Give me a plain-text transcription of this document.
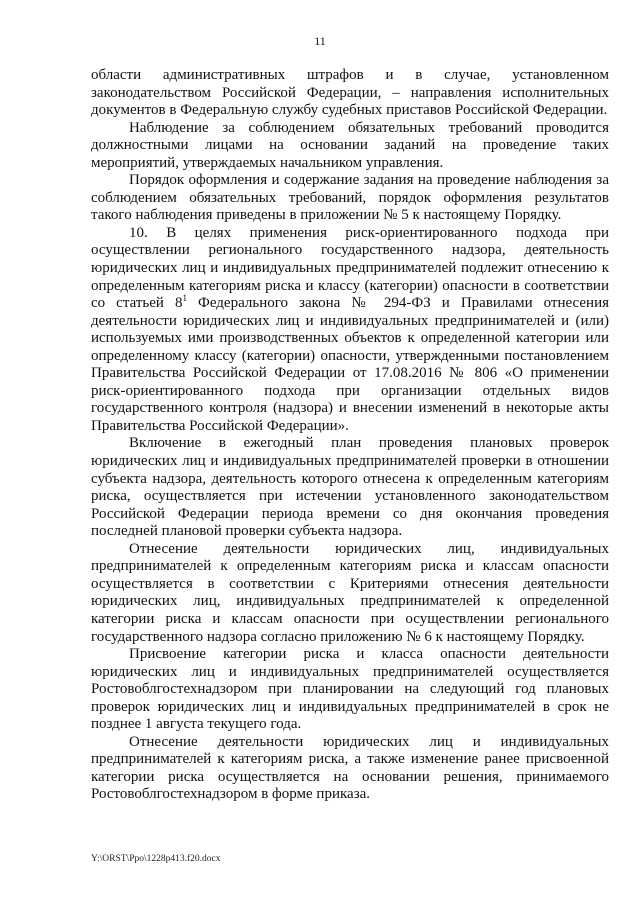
11

области административных штрафов и в случае, установленном законодательством Российской Федерации, – направления исполнительных документов в Федеральную службу судебных приставов Российской Федерации.

Наблюдение за соблюдением обязательных требований проводится должностными лицами на основании заданий на проведение таких мероприятий, утверждаемых начальником управления.

Порядок оформления и содержание задания на проведение наблюдения за соблюдением обязательных требований, порядок оформления результатов такого наблюдения приведены в приложении № 5 к настоящему Порядку.

10. В целях применения риск-ориентированного подхода при осуществлении регионального государственного надзора, деятельность юридических лиц и индивидуальных предпринимателей подлежит отнесению к определенным категориям риска и классу (категории) опасности в соответствии со статьей $8^1$ Федерального закона № 294-ФЗ и Правилами отнесения деятельности юридических лиц и индивидуальных предпринимателей и (или) используемых ими производственных объектов к определенной категории или определенному классу (категории) опасности, утвержденными постановлением Правительства Российской Федерации от 17.08.2016 № 806 «О применении риск-ориентированного подхода при организации отдельных видов государственного контроля (надзора) и внесении изменений в некоторые акты Правительства Российской Федерации».

Включение в ежегодный план проведения плановых проверок юридических лиц и индивидуальных предпринимателей проверки в отношении субъекта надзора, деятельность которого отнесена к определенным категориям риска, осуществляется при истечении установленного законодательством Российской Федерации периода времени со дня окончания проведения последней плановой проверки субъекта надзора.

Отнесение деятельности юридических лиц, индивидуальных предпринимателей к определенным категориям риска и классам опасности осуществляется в соответствии с Критериями отнесения деятельности юридических лиц, индивидуальных предпринимателей к определенной категории риска и классам опасности при осуществлении регионального государственного надзора согласно приложению № 6 к настоящему Порядку.

Присвоение категории риска и класса опасности деятельности юридических лиц и индивидуальных предпринимателей осуществляется Ростовоблгостехнадзором при планировании на следующий год плановых проверок юридических лиц и индивидуальных предпринимателей в срок не позднее 1 августа текущего года.

Отнесение деятельности юридических лиц и индивидуальных предпринимателей к категориям риска, а также изменение ранее присвоенной категории риска осуществляется на основании решения, принимаемого Ростовоблгостехнадзором в форме приказа.

Y:\ORST\Ppo\1228p413.f20.docx
